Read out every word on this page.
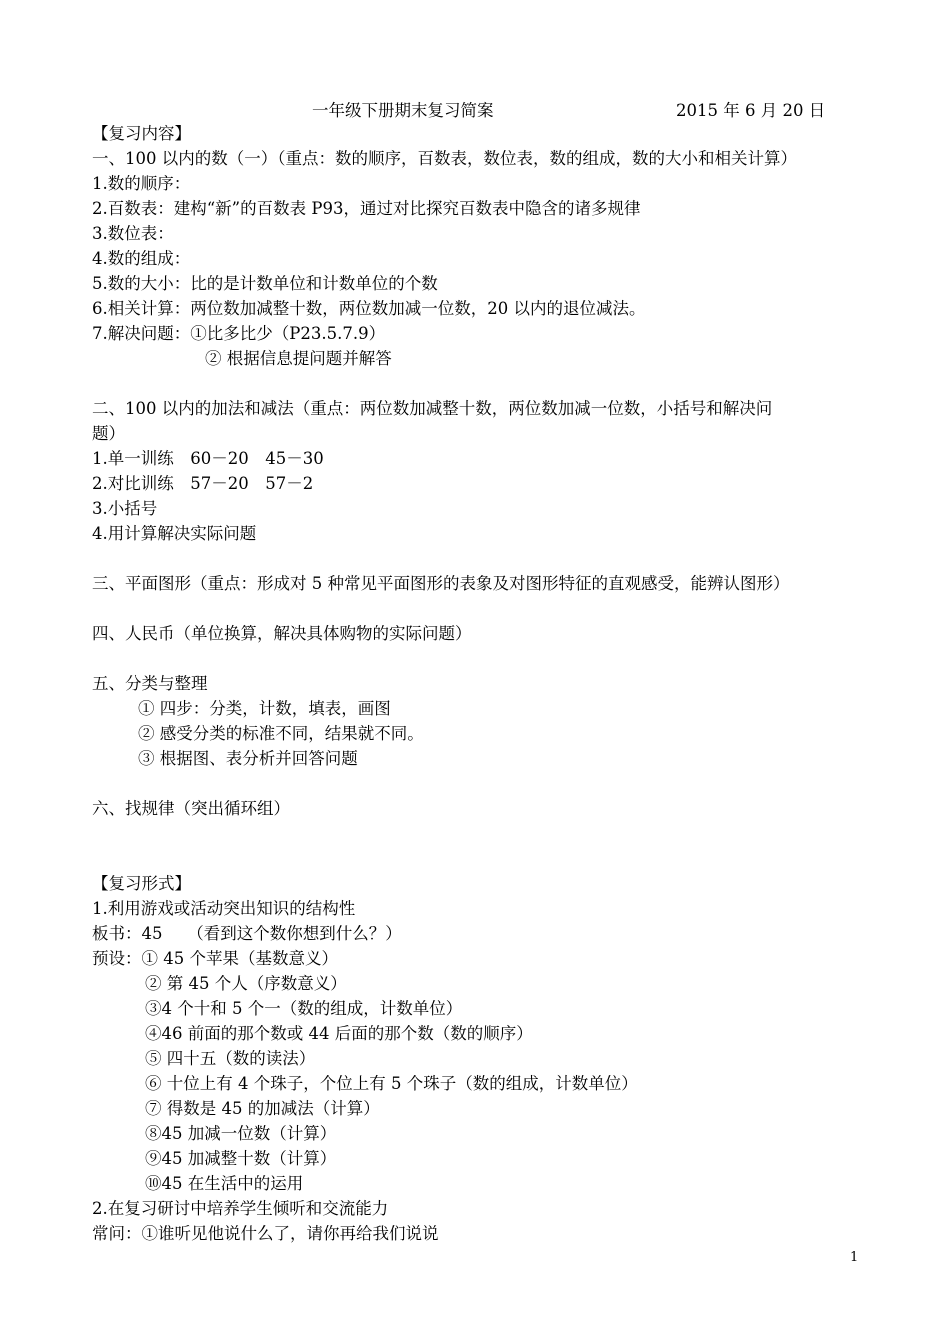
一年级下册期末复习简案	2015 年 6 月 20 日
【复习内容】
一、100 以内的数（一）（重点：数的顺序，百数表，数位表，数的组成，数的大小和相关计算）
1.数的顺序：
2.百数表：建构“新”的百数表 P93，通过对比探究百数表中隐含的诸多规律
3.数位表：
4.数的组成：
5.数的大小：比的是计数单位和计数单位的个数
6.相关计算：两位数加减整十数，两位数加减一位数，20 以内的退位减法。
7.解决问题：①比多比少（P23.5.7.9）
② 根据信息提问题并解答
二、100 以内的加法和减法（重点：两位数加减整十数，两位数加减一位数，小括号和解决问
题）
1.单一训练　60－20　45－30
2.对比训练　57－20　57－2
3.小括号
4.用计算解决实际问题
三、平面图形（重点：形成对 5 种常见平面图形的表象及对图形特征的直观感受，能辨认图形）
四、人民币（单位换算，解决具体购物的实际问题）
五、分类与整理
① 四步：分类，计数，填表，画图
② 感受分类的标准不同，结果就不同。
③ 根据图、表分析并回答问题
六、找规律（突出循环组）
【复习形式】
1.利用游戏或活动突出知识的结构性
板书：45　　（看到这个数你想到什么？）
预设：① 45 个苹果（基数意义）
② 第 45 个人（序数意义）
③4 个十和 5 个一（数的组成，计数单位）
④46 前面的那个数或 44 后面的那个数（数的顺序）
⑤ 四十五（数的读法）
⑥ 十位上有 4 个珠子，个位上有 5 个珠子（数的组成，计数单位）
⑦ 得数是 45 的加减法（计算）
⑧45 加减一位数（计算）
⑨45 加减整十数（计算）
⑩45 在生活中的运用
2.在复习研讨中培养学生倾听和交流能力
常问：①谁听见他说什么了，请你再给我们说说
1
